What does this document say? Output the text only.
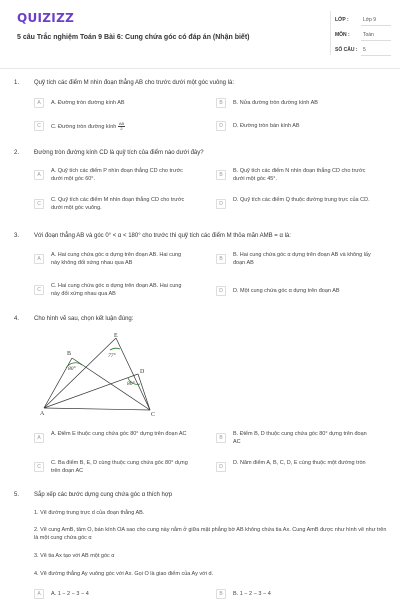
QUIZIZZ
5 câu Trắc nghiệm Toán 9 Bài 6: Cung chứa góc có đáp án (Nhận biết)
LỚP :	Lớp 9
MÔN :	Toán
SỐ CÂU : 5
1. Quỹ tích các điểm M nhìn đoạn thẳng AB cho trước dưới một góc vuông là:
A	A. Đường tròn đường kính AB	B	B. Nửa đường tròn đường kính AB
C	C. Đường tròn đường kính $\frac{AB}{2}$	D	D. Đường tròn bán kính AB
2. Đường tròn đường kính CD là quỹ tích của điểm nào dưới đây?
A
A. Quỹ tích các điểm P nhìn đoạn thẳng CD cho trước dưới một góc 60°.
B
B. Quỹ tích các điểm N nhìn đoạn thẳng CD cho trước dưới một góc 45°.
C
C. Quỹ tích các điểm M nhìn đoạn thẳng CD cho trước dưới một góc vuông.
D
D. Quỹ tích các điểm Q thuộc đường trung trực của CD.
3. Với đoạn thẳng AB và góc 0° < α < 180° cho trước thì quỹ tích các điểm M thỏa mãn AMB = α là:
A
A. Hai cung chứa góc α dựng trên đoạn AB. Hai cung này không đối xứng nhau qua AB
B
B. Hai cung chứa góc α dựng trên đoạn AB và không lấy đoạn AB
C
C. Hai cung chứa góc α dựng trên đoạn AB. Hai cung này đối xứng nhau qua AB	D	D. Một cung chứa góc α dựng trên đoạn AB
4. Cho hình vẽ sau, chọn kết luận đúng:
A
B
C
D
E
80°
77°
80°
A
A. Điểm E thuộc cung chứa góc 80° dựng trên đoạn AC
B
B. Điểm B, D thuộc cung chứa góc 80° dựng trên đoạn AC
C
C. Ba điểm B, E, D cùng thuộc cung chứa góc 80° dựng trên đoạn AC
D
D. Năm điểm A, B, C, D, E cùng thuộc một đường tròn
5. Sắp xếp các bước dựng cung chứa góc α thích hợp
1. Vẽ đường trung trực d của đoạn thẳng AB.
2. Vẽ cung AmB, tâm O, bán kính OA sao cho cung này nằm ở giữa mặt phẳng bờ AB không chứa tia Ax. Cung AmB được như hình vẽ như trên là một cung chứa góc α
3. Vẽ tia Ax tạo với AB một góc α
4. Vẽ đường thẳng Ay vuông góc với Ax. Gọi O là giao điểm của Ay với d.
A	A. 1 − 2 − 3 − 4	B	B. 1 − 2 − 3 − 4
